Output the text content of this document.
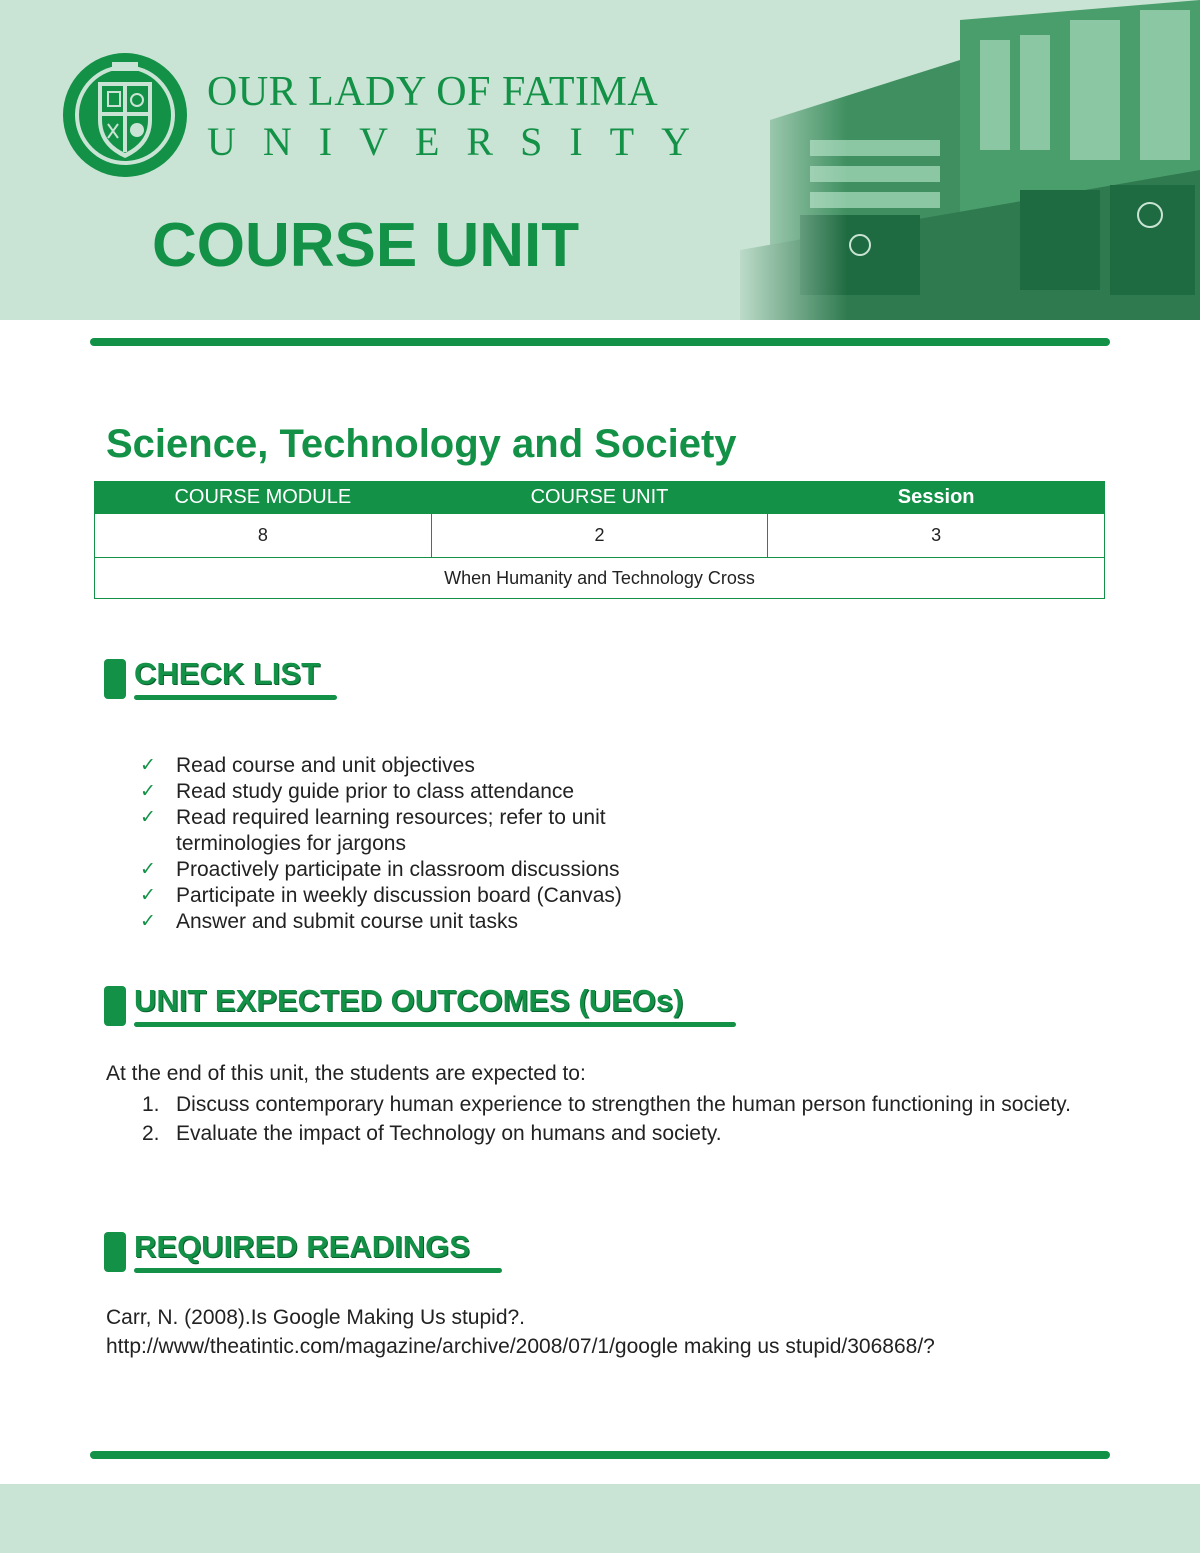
OUR LADY OF FATIMA
UNIVERSITY
COURSE UNIT
Science, Technology and Society
COURSE MODULE	COURSE UNIT	Session
8	2	3
When Humanity and Technology Cross		
CHECK LIST
✓ Read course and unit objectives
✓ Read study guide prior to class attendance
✓ Read required learning resources; refer to unit terminologies for jargons
✓ Proactively participate in classroom discussions
✓ Participate in weekly discussion board (Canvas)
✓ Answer and submit course unit tasks
UNIT EXPECTED OUTCOMES (UEOs)
At the end of this unit, the students are expected to:
1. Discuss contemporary human experience to strengthen the human person functioning in society.
2. Evaluate the impact of Technology on humans and society.
REQUIRED READINGS
Carr, N. (2008).Is Google Making Us stupid?.
http://www/theatintic.com/magazine/archive/2008/07/1/google making us stupid/306868/?
